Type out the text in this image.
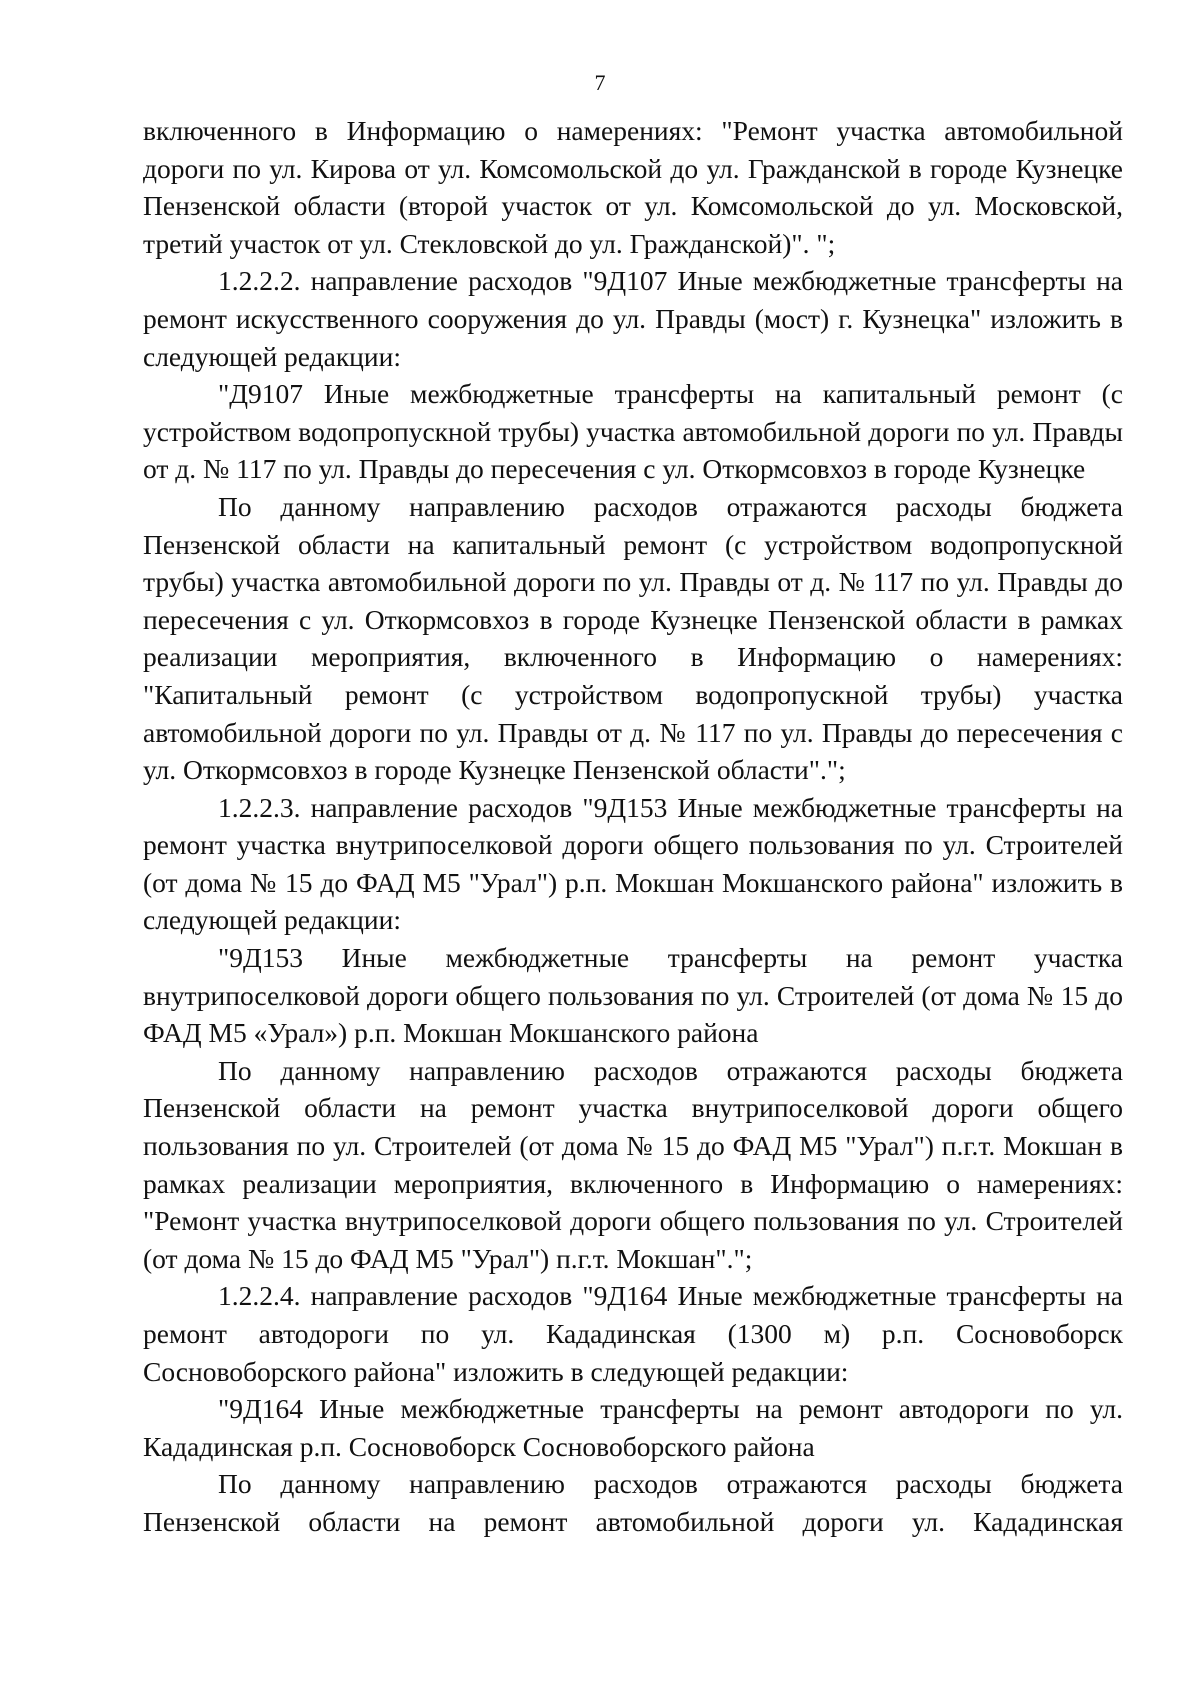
7

включенного в Информацию о намерениях: "Ремонт участка автомобильной дороги по ул. Кирова от ул. Комсомольской до ул. Гражданской в городе Кузнецке Пензенской области (второй участок от ул. Комсомольской до ул. Московской, третий участок от ул. Стекловской до ул. Гражданской)". ";

1.2.2.2. направление расходов "9Д107 Иные межбюджетные трансферты на ремонт искусственного сооружения до ул. Правды (мост) г. Кузнецка" изложить в следующей редакции:

"Д9107 Иные межбюджетные трансферты на капитальный ремонт (с устройством водопропускной трубы) участка автомобильной дороги по ул. Правды от д. № 117 по ул. Правды до пересечения с ул. Откормсовхоз в городе Кузнецке

По данному направлению расходов отражаются расходы бюджета Пензенской области на капитальный ремонт (с устройством водопропускной трубы) участка автомобильной дороги по ул. Правды от д. № 117 по ул. Правды до пересечения с ул. Откормсовхоз в городе Кузнецке Пензенской области в рамках реализации мероприятия, включенного в Информацию о намерениях: "Капитальный ремонт (с устройством водопропускной трубы) участка автомобильной дороги по ул. Правды от д. № 117 по ул. Правды до пересечения с ул. Откормсовхоз в городе Кузнецке Пензенской области".";

1.2.2.3. направление расходов "9Д153 Иные межбюджетные трансферты на ремонт участка внутрипоселковой дороги общего пользования по ул. Строителей (от дома № 15 до ФАД М5 "Урал") р.п. Мокшан Мокшанского района" изложить в следующей редакции:

"9Д153 Иные межбюджетные трансферты на ремонт участка внутрипоселковой дороги общего пользования по ул. Строителей (от дома № 15 до ФАД М5 «Урал») р.п. Мокшан Мокшанского района

По данному направлению расходов отражаются расходы бюджета Пензенской области на ремонт участка внутрипоселковой дороги общего пользования по ул. Строителей (от дома № 15 до ФАД М5 "Урал") п.г.т. Мокшан в рамках реализации мероприятия, включенного в Информацию о намерениях: "Ремонт участка внутрипоселковой дороги общего пользования по ул. Строителей (от дома № 15 до ФАД М5 "Урал") п.г.т. Мокшан".";

1.2.2.4. направление расходов "9Д164 Иные межбюджетные трансферты на ремонт автодороги по ул. Кададинская (1300 м) р.п. Сосновоборск Сосновоборского района" изложить в следующей редакции:

"9Д164 Иные межбюджетные трансферты на ремонт автодороги по ул. Кададинская р.п. Сосновоборск Сосновоборского района

По данному направлению расходов отражаются расходы бюджета Пензенской области на ремонт автомобильной дороги ул. Кададинская
